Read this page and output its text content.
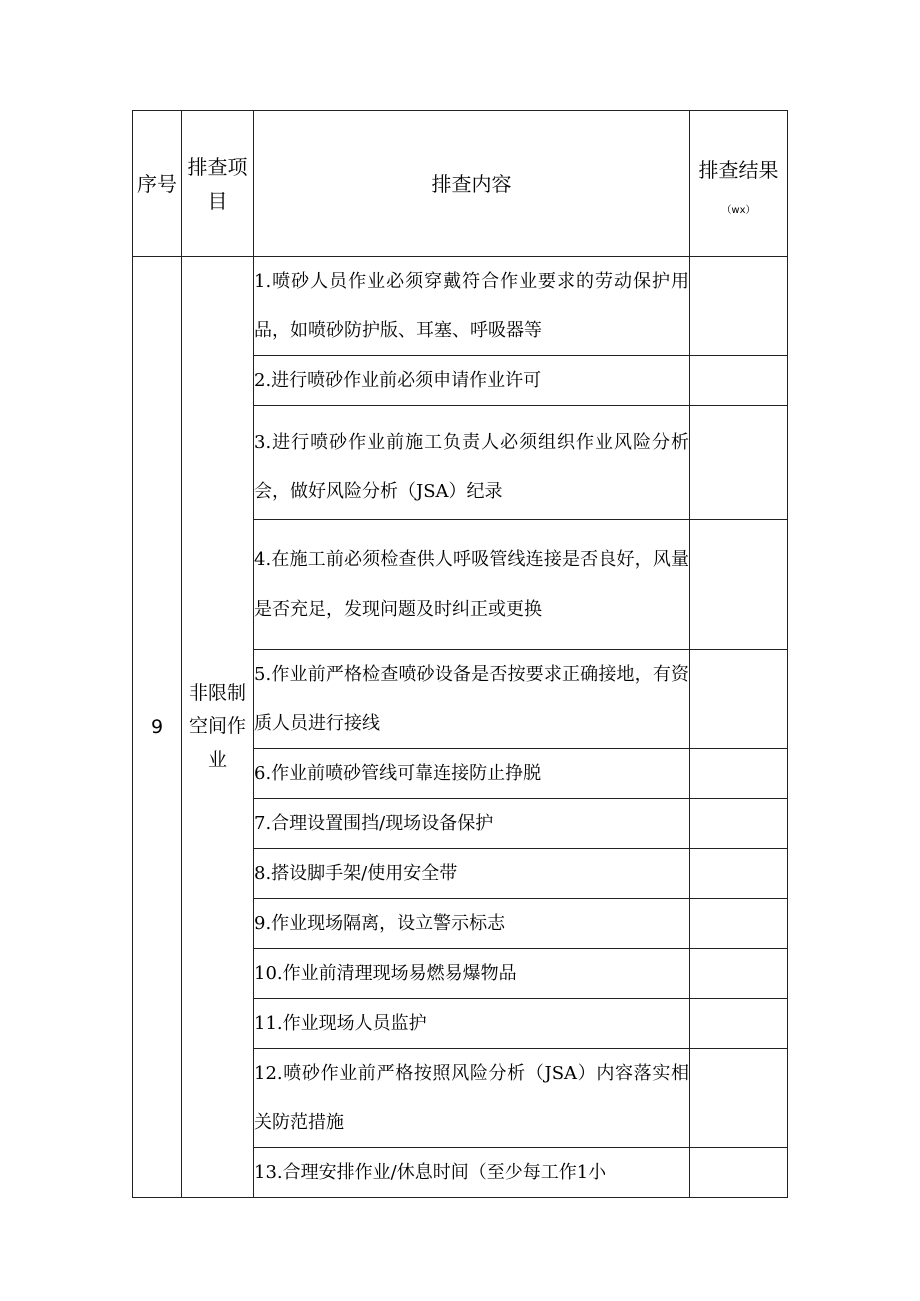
序号	排查项目	排查内容	排查结果
（wx）

9	非限制空间作业	1.喷砂人员作业必须穿戴符合作业要求的劳动保护用品，如喷砂防护版、耳塞、呼吸器等	
		2.进行喷砂作业前必须申请作业许可	
		3.进行喷砂作业前施工负责人必须组织作业风险分析会，做好风险分析（JSA）纪录	
		4.在施工前必须检查供人呼吸管线连接是否良好，风量是否充足，发现问题及时纠正或更换	
		5.作业前严格检查喷砂设备是否按要求正确接地，有资质人员进行接线	
		6.作业前喷砂管线可靠连接防止挣脱	
		7.合理设置围挡/现场设备保护	
		8.搭设脚手架/使用安全带	
		9.作业现场隔离，设立警示标志	
		10.作业前清理现场易燃易爆物品	
		11.作业现场人员监护	
		12.喷砂作业前严格按照风险分析（JSA）内容落实相关防范措施	
		13.合理安排作业/休息时间（至少每工作1小	
